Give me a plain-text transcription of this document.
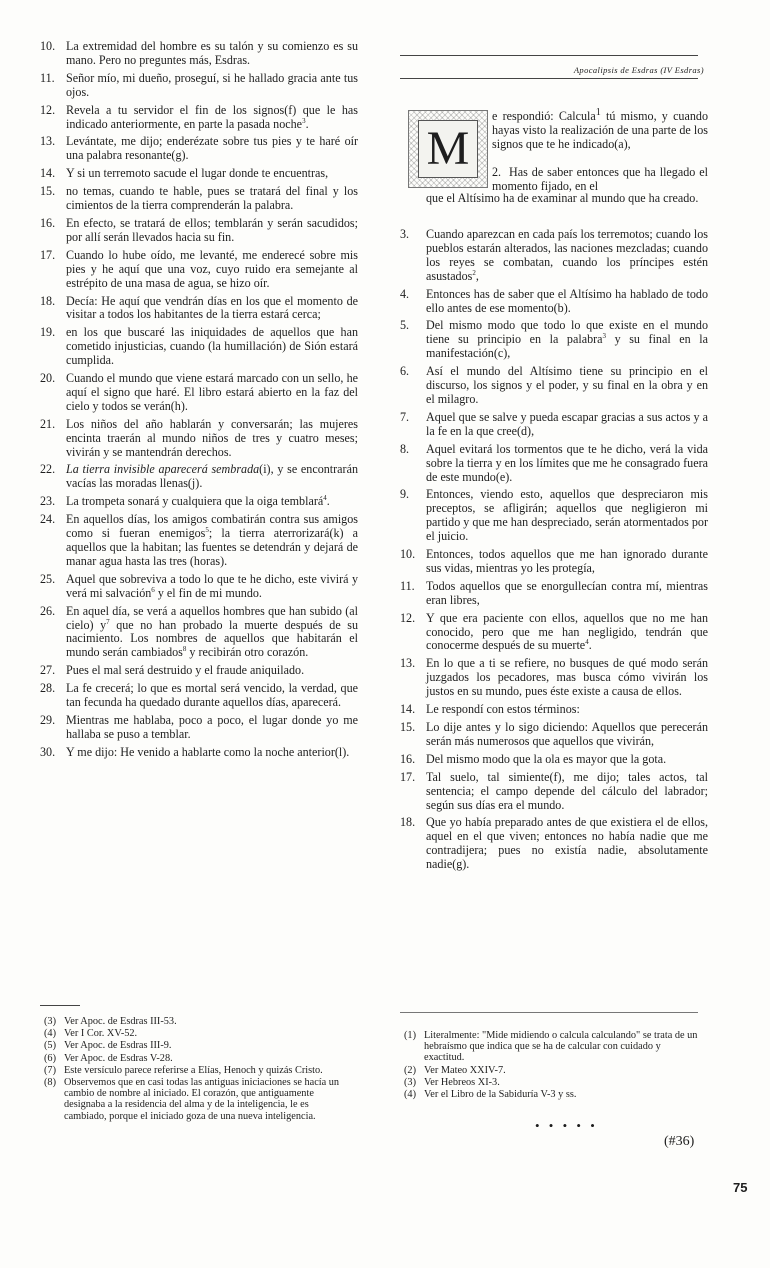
10. La extremidad del hombre es su talón y su comienzo es su mano. Pero no preguntes más, Esdras.
11. Señor mío, mi dueño, proseguí, si he hallado gracia ante tus ojos.
12. Revela a tu servidor el fin de los signos(f) que le has indicado anteriormente, en parte la pasada noche$^3$.
13. Levántate, me dijo; enderézate sobre tus pies y te haré oír una palabra resonante(g).
14. Y si un terremoto sacude el lugar donde te encuentras,
15. no temas, cuando te hable, pues se tratará del final y los cimientos de la tierra comprenderán la palabra.
16. En efecto, se tratará de ellos; temblarán y serán sacudidos; por allí serán llevados hacia su fin.
17. Cuando lo hube oído, me levanté, me enderecé sobre mis pies y he aquí que una voz, cuyo ruido era semejante al estrépito de una masa de agua, se hizo oír.
18. Decía: He aquí que vendrán días en los que el momento de visitar a todos los habitantes de la tierra estará cerca;
19. en los que buscaré las iniquidades de aquellos que han cometido injusticias, cuando (la humillación) de Sión estará cumplida.
20. Cuando el mundo que viene estará marcado con un sello, he aquí el signo que haré. El libro estará abierto en la faz del cielo y todos se verán(h).
21. Los niños del año hablarán y conversarán; las mujeres encinta traerán al mundo niños de tres y cuatro meses; vivirán y se mantendrán derechos.
22. La tierra invisible aparecerá sembrada(i), y se encontrarán vacías las moradas llenas(j).
23. La trompeta sonará y cualquiera que la oiga temblará$^4$.
24. En aquellos días, los amigos combatirán contra sus amigos como si fueran enemigos$^5$; la tierra aterrorizará(k) a aquellos que la habitan; las fuentes se detendrán y dejará de manar agua hasta las tres (horas).
25. Aquel que sobreviva a todo lo que te he dicho, este vivirá y verá mi salvación$^6$ y el fin de mi mundo.
26. En aquel día, se verá a aquellos hombres que han subido (al cielo) $y^7$ que no han probado la muerte después de su nacimiento. Los nombres de aquellos que habitarán el mundo serán cambiados$^8$ y recibirán otro corazón.
27. Pues el mal será destruido y el fraude aniquilado.
28. La fe crecerá; lo que es mortal será vencido, la verdad, que tan fecunda ha quedado durante aquellos días, aparecerá.
29. Mientras me hablaba, poco a poco, el lugar donde yo me hallaba se puso a temblar.
30. Y me dijo: He venido a hablarte como la noche anterior(l).
(3) Ver Apoc. de Esdras III-53.
(4) Ver I Cor. XV-52.
(5) Ver Apoc. de Esdras III-9.
(6) Ver Apoc. de Esdras V-28.
(7) Este versículo parece referirse a Elías, Henoch y quizás Cristo.
(8) Observemos que en casi todas las antiguas iniciaciones se hacía un cambio de nombre al iniciado. El corazón, que antiguamente designaba a la residencia del alma y de la inteligencia, le es cambiado, porque el iniciado goza de una nueva inteligencia.
Apocalipsis de Esdras (IV Esdras)
M
e respondió: Calcula$^1$ tú mismo, y cuando hayas visto la realización de una parte de los signos que te he indicado(a),
2.  Has de saber entonces que ha llegado el momento fijado, en el
que el Altísimo ha de examinar al mundo que ha creado.
3.	Cuando aparezcan en cada país los terremotos; cuando los pueblos estarán alterados, las naciones mezcladas; cuando los reyes se combatan, cuando los príncipes estén asustados$^2$,
4.	Entonces has de saber que el Altísimo ha hablado de todo ello antes de ese momento(b).
5.	Del mismo modo que todo lo que existe en el mundo tiene su principio en la palabra$^3$ y su final en la manifestación(c),
6.	Así el mundo del Altísimo tiene su principio en el discurso, los signos y el poder, y su final en la obra y en el milagro.
7.	Aquel que se salve y pueda escapar gracias a sus actos y a la fe en la que cree(d),
8.	Aquel evitará los tormentos que te he dicho, verá la vida sobre la tierra y en los límites que me he consagrado fuera de este mundo(e).
9.	Entonces, viendo esto, aquellos que despreciaron mis preceptos, se afligirán; aquellos que negligieron mi partido y que me han despreciado, serán atormentados por el juicio.
10. Entonces, todos aquellos que me han ignorado durante sus vidas, mientras yo les protegía,
11. Todos aquellos que se enorgullecían contra mí, mientras eran libres,
12. Y que era paciente con ellos, aquellos que no me han conocido, pero que me han negligido, tendrán que conocerme después de su muerte$^4$.
13. En lo que a ti se refiere, no busques de qué modo serán juzgados los pecadores, mas busca cómo vivirán los justos en su mundo, pues éste existe a causa de ellos.
14. Le respondí con estos términos:
15. Lo dije antes y lo sigo diciendo: Aquellos que perecerán serán más numerosos que aquellos que vivirán,
16. Del mismo modo que la ola es mayor que la gota.
17. Tal suelo, tal simiente(f), me dijo; tales actos, tal sentencia; el campo depende del cálculo del labrador; según sus días era el mundo.
18. Que yo había preparado antes de que existiera el de ellos, aquel en el que viven; entonces no había nadie que me contradijera; pues no existía nadie, absolutamente nadie(g).
(1) Literalmente: "Mide midiendo o calcula calculando" se trata de un hebraísmo que indica que se ha de calcular con cuidado y exactitud.
(2) Ver Mateo XXIV-7.
(3) Ver Hebreos XI-3.
(4) Ver el Libro de la Sabiduría V-3 y ss.
• • • • •
(#36)
75
